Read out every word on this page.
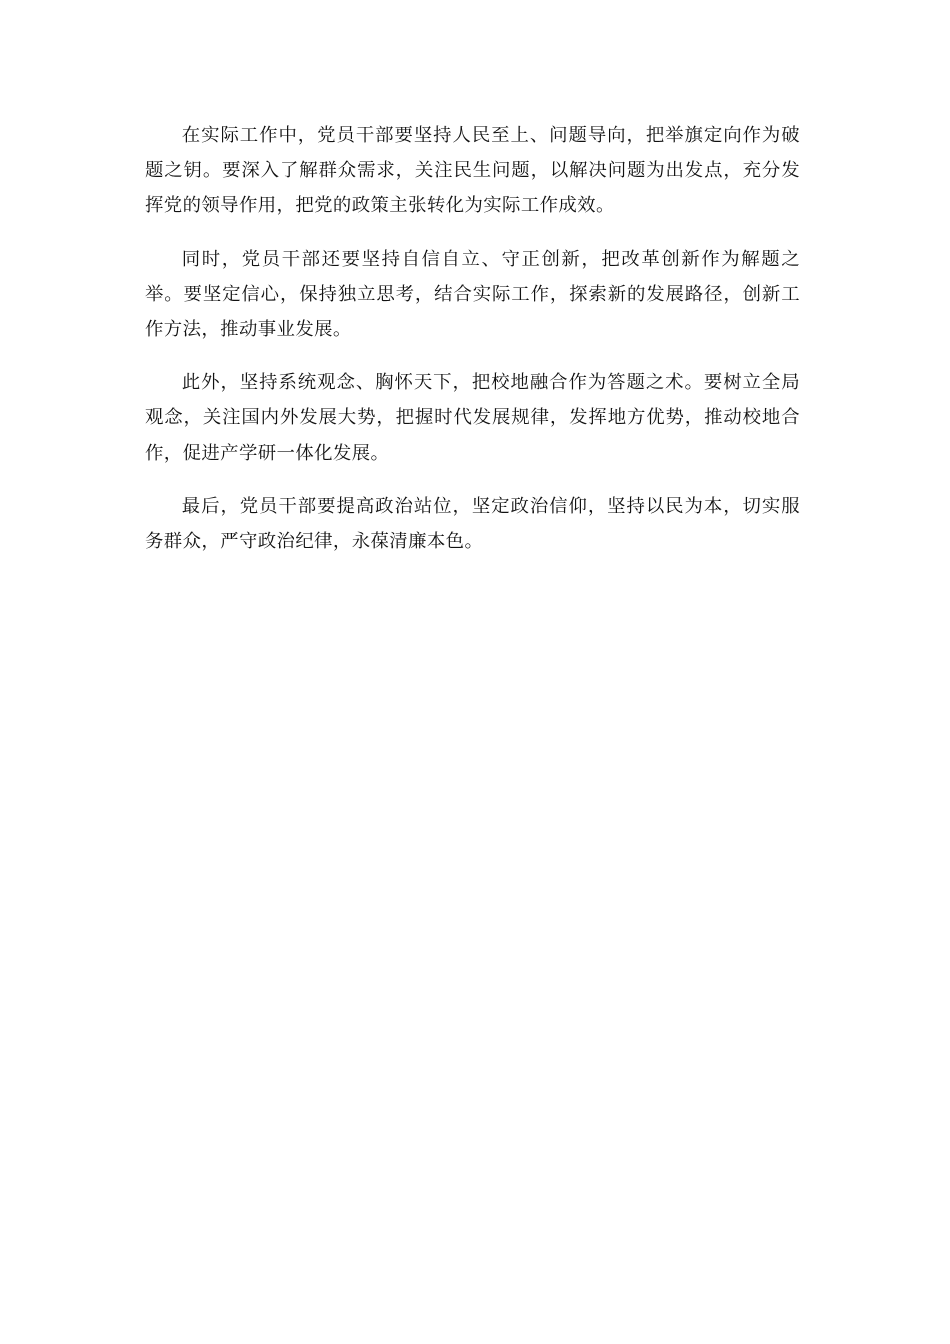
在实际工作中，党员干部要坚持人民至上、问题导向，把举旗定向作为破题之钥。要深入了解群众需求，关注民生问题，以解决问题为出发点，充分发挥党的领导作用，把党的政策主张转化为实际工作成效。

同时，党员干部还要坚持自信自立、守正创新，把改革创新作为解题之举。要坚定信心，保持独立思考，结合实际工作，探索新的发展路径，创新工作方法，推动事业发展。

此外，坚持系统观念、胸怀天下，把校地融合作为答题之术。要树立全局观念，关注国内外发展大势，把握时代发展规律，发挥地方优势，推动校地合作，促进产学研一体化发展。

最后，党员干部要提高政治站位，坚定政治信仰，坚持以民为本，切实服务群众，严守政治纪律，永葆清廉本色。
